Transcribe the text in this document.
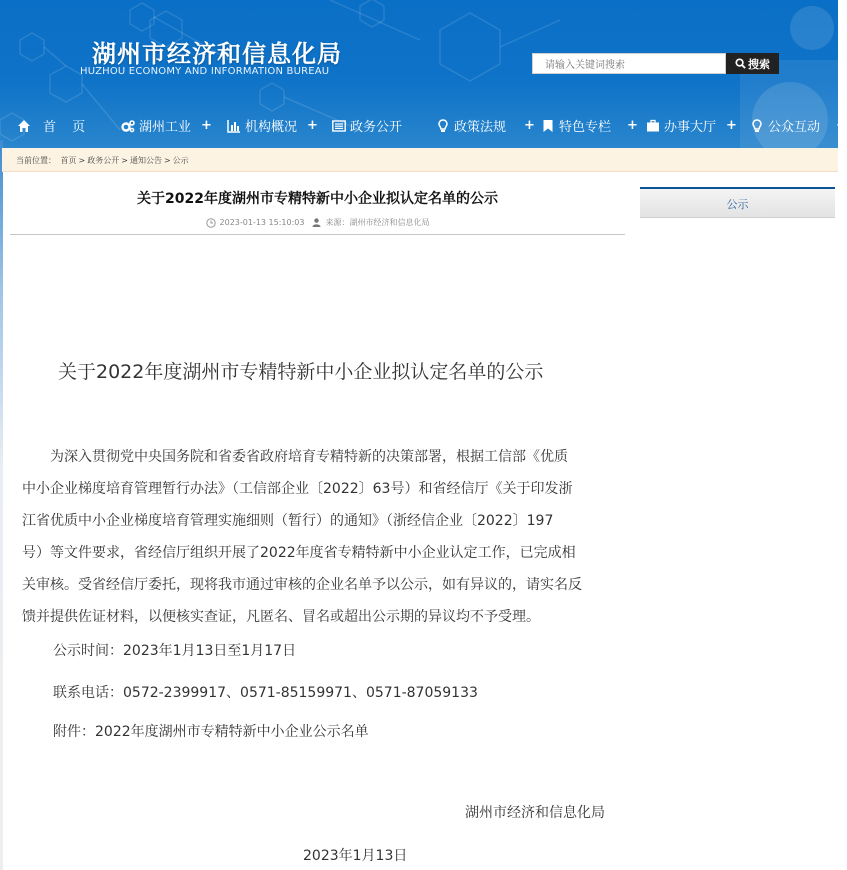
湖州市经济和信息化局
HUZHOU ECONOMY AND INFORMATION BUREAU
请输入关键词搜索
搜索
首 页	湖州工业 +	机构概况 + 政务公开	政策法规 + 特色专栏 + 办事大厅 + 公众互动 +
当前位置： 首页 > 政务公开 > 通知公告 > 公示
关于2022年度湖州市专精特新中小企业拟认定名单的公示
2023-01-13 15:10:03	来源： 湖州市经济和信息化局
关于2022年度湖州市专精特新中小企业拟认定名单的公示
　　为深入贯彻党中央国务院和省委省政府培育专精特新的决策部署，根据工信部《优质
中小企业梯度培育管理暂行办法》（工信部企业〔2022〕63号）和省经信厅《关于印发浙
江省优质中小企业梯度培育管理实施细则（暂行）的通知》（浙经信企业〔2022〕197
号）等文件要求，省经信厅组织开展了2022年度省专精特新中小企业认定工作，已完成相
关审核。受省经信厅委托，现将我市通过审核的企业名单予以公示，如有异议的，请实名反
馈并提供佐证材料，以便核实查证，凡匿名、冒名或超出公示期的异议均不予受理。
公示时间：2023年1月13日至1月17日
联系电话：0572-2399917、0571-85159971、0571-87059133
附件：2022年度湖州市专精特新中小企业公示名单
湖州市经济和信息化局
2023年1月13日
公示
